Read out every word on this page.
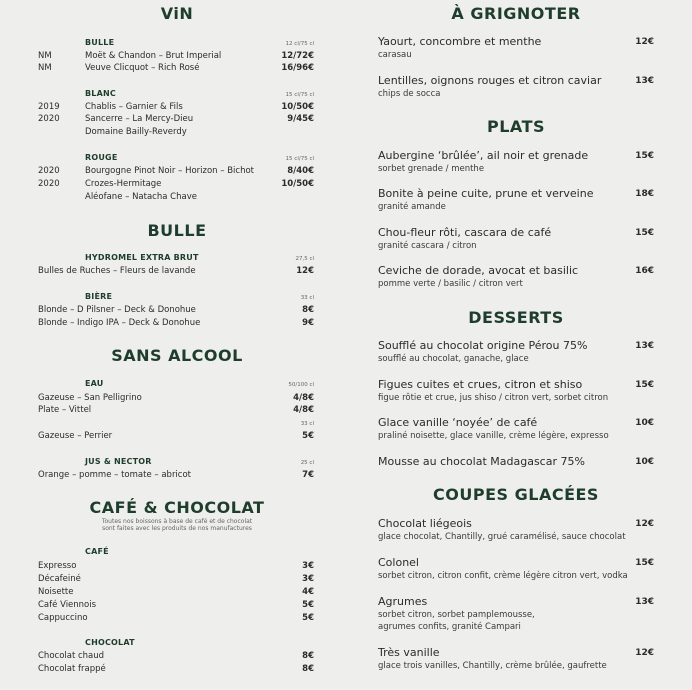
ViN
BULLE	12 cl/75 cl
NM	Moët & Chandon – Brut Imperial	12/72€
NM	Veuve Clicquot – Rich Rosé	16/96€
BLANC	15 cl/75 cl
2019	Chablis – Garnier & Fils	10/50€
2020	Sancerre – La Mercy-Dieu	9/45€
Domaine Bailly-Reverdy
ROUGE	15 cl/75 cl
2020	Bourgogne Pinot Noir – Horizon – Bichot	8/40€
2020	Crozes-Hermitage	10/50€
Aléofane – Natacha Chave
BULLE
HYDROMEL EXTRA BRUT	27,5 cl
Bulles de Ruches – Fleurs de lavande	12€
BIÈRE	33 cl
Blonde – D Pilsner – Deck & Donohue	8€
Blonde – Indigo IPA – Deck & Donohue	9€
SANS ALCOOL
EAU	50/100 cl
Gazeuse – San Pelligrino	4/8€
Plate – Vittel	4/8€
33 cl
Gazeuse – Perrier	5€
JUS & NECTOR	25 cl
Orange – pomme – tomate – abricot	7€
CAFÉ & CHOCOLAT
Toutes nos boissons à base de café et de chocolat
sont faites avec les produits de nos manufactures
CAFÉ
Expresso	3€
Décafeiné	3€
Noisette	4€
Café Viennois	5€
Cappuccino	5€
CHOCOLAT
Chocolat chaud	8€
Chocolat frappé	8€
À GRIGNOTER
Yaourt, concombre et menthe
carasau
12€
Lentilles, oignons rouges et citron caviar
chips de socca
13€
PLATS
Aubergine ‘brûlée’, ail noir et grenade
sorbet grenade / menthe
15€
Bonite à peine cuite, prune et verveine
granité amande
18€
Chou-fleur rôti, cascara de café
granité cascara / citron
15€
Ceviche de dorade, avocat et basilic
pomme verte / basilic / citron vert
16€
DESSERTS
Soufflé au chocolat origine Pérou 75%
soufflé au chocolat, ganache, glace
13€
Figues cuites et crues, citron et shiso
figue rôtie et crue, jus shiso / citron vert, sorbet citron
15€
Glace vanille ‘noyée’ de café
praliné noisette, glace vanille, crème légère, expresso
10€
Mousse au chocolat Madagascar 75%	10€
COUPES GLACÉES
Chocolat liégeois
glace chocolat, Chantilly, grué caramélisé, sauce chocolat
12€
Colonel
sorbet citron, citron confit, crème légère citron vert, vodka
15€
Agrumes
sorbet citron, sorbet pamplemousse,
agrumes confits, granité Campari
13€
Très vanille
glace trois vanilles, Chantilly, crème brûlée, gaufrette
12€
